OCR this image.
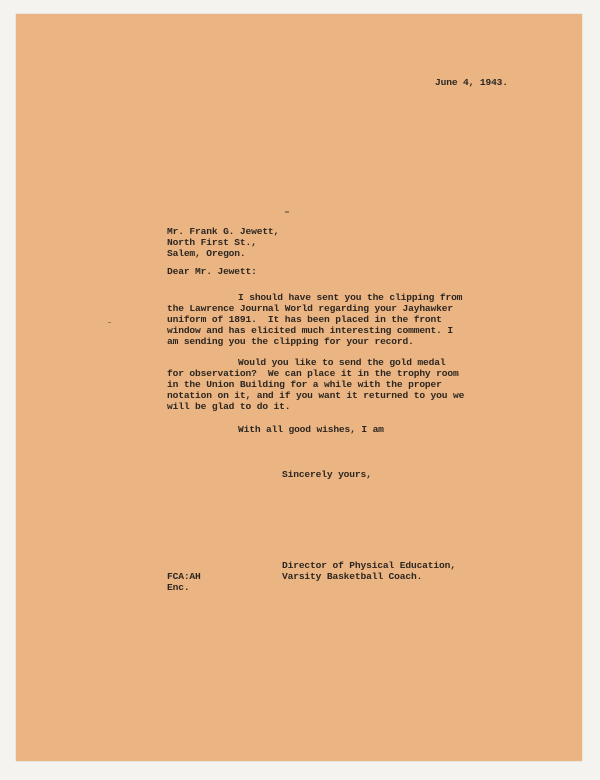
June 4, 1943.
Mr. Frank G. Jewett,
North First St.,
Salem, Oregon.
Dear Mr. Jewett:
I should have sent you the clipping from
the Lawrence Journal World regarding your Jayhawker
uniform of 1891.  It has been placed in the front
window and has elicited much interesting comment. I
am sending you the clipping for your record.
Would you like to send the gold medal
for observation?  We can place it in the trophy room
in the Union Building for a while with the proper
notation on it, and if you want it returned to you we
will be glad to do it.
With all good wishes, I am
Sincerely yours,
Director of Physical Education,
Varsity Basketball Coach.
FCA:AH
Enc.
